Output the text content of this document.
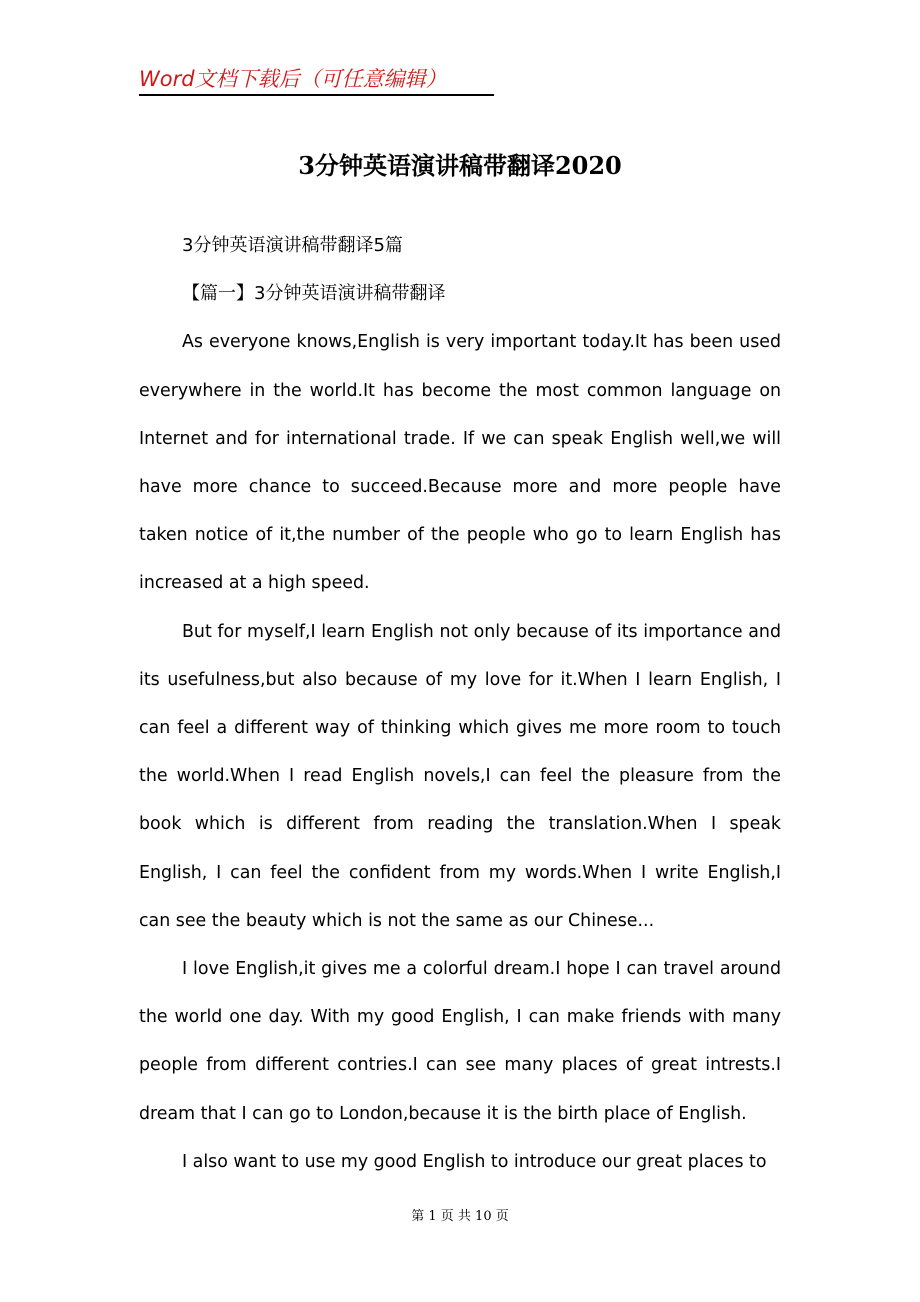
Word文档下载后（可任意编辑）
3分钟英语演讲稿带翻译2020

3分钟英语演讲稿带翻译5篇

【篇一】3分钟英语演讲稿带翻译

As everyone knows,English is very important today.It has been used everywhere in the world.It has become the most common language on Internet and for international trade. If we can speak English well,we will have more chance to succeed.Because more and more people have taken notice of it,the number of the people who go to learn English has increased at a high speed.

But for myself,I learn English not only because of its importance and its usefulness,but also because of my love for it.When I learn English, I can feel a different way of thinking which gives me more room to touch the world.When I read English novels,I can feel the pleasure from the book which is different from reading the translation.When I speak English, I can feel the confident from my words.When I write English,I can see the beauty which is not the same as our Chinese...

I love English,it gives me a colorful dream.I hope I can travel around the world one day. With my good English, I can make friends with many people from different contries.I can see many places of great intrests.I dream that I can go to London,because it is the birth place of English.

I also want to use my good English to introduce our great places to

第 1 页 共 10 页
